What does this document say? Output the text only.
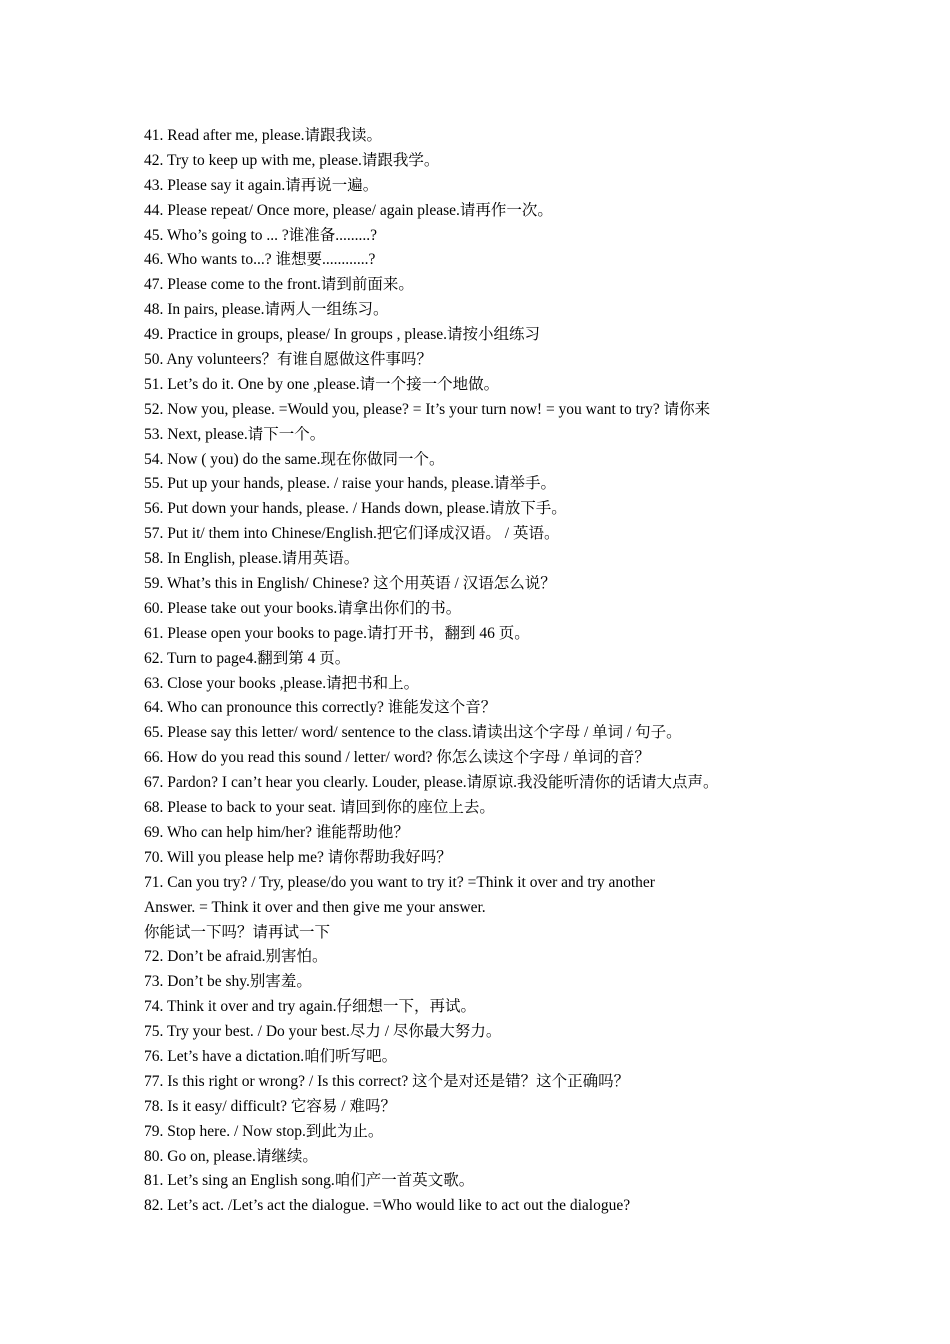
41. Read after me, please.请跟我读。
42. Try to keep up with me, please.请跟我学。
43. Please say it again.请再说一遍。
44. Please repeat/ Once more, please/ again please.请再作一次。
45. Who’s going to ... ?谁准备.........?
46. Who wants to...? 谁想要............?
47. Please come to the front.请到前面来。
48. In pairs, please.请两人一组练习。
49. Practice in groups, please/ In groups , please.请按小组练习
50. Any volunteers？有谁自愿做这件事吗？
51. Let’s do it. One by one ,please.请一个接一个地做。
52. Now you, please. =Would you, please? = It’s your turn now! = you want to try? 请你来
53. Next, please.请下一个。
54. Now ( you) do the same.现在你做同一个。
55. Put up your hands, please. / raise your hands, please.请举手。
56. Put down your hands, please. / Hands down, please.请放下手。
57. Put it/ them into Chinese/English.把它们译成汉语。 / 英语。
58. In English, please.请用英语。
59. What’s this in English/ Chinese? 这个用英语 / 汉语怎么说？
60. Please take out your books.请拿出你们的书。
61. Please open your books to page.请打开书，翻到 46 页。
62. Turn to page4.翻到第 4 页。
63. Close your books ,please.请把书和上。
64. Who can pronounce this correctly? 谁能发这个音？
65. Please say this letter/ word/ sentence to the class.请读出这个字母 / 单词 / 句子。
66. How do you read this sound / letter/ word? 你怎么读这个字母 / 单词的音？
67. Pardon? I can’t hear you clearly. Louder, please.请原谅.我没能听清你的话请大点声。
68. Please to back to your seat. 请回到你的座位上去。
69. Who can help him/her? 谁能帮助他？
70. Will you please help me? 请你帮助我好吗？
71. Can you try? / Try, please/do you want to try it? =Think it over and try another
Answer. = Think it over and then give me your answer.
你能试一下吗？请再试一下
72. Don’t be afraid.别害怕。
73. Don’t be shy.别害羞。
74. Think it over and try again.仔细想一下，再试。
75. Try your best. / Do your best.尽力 / 尽你最大努力。
76. Let’s have a dictation.咱们听写吧。
77. Is this right or wrong? / Is this correct? 这个是对还是错？这个正确吗？
78. Is it easy/ difficult? 它容易 / 难吗？
79. Stop here. / Now stop.到此为止。
80. Go on, please.请继续。
81. Let’s sing an English song.咱们产一首英文歌。
82. Let’s act. /Let’s act the dialogue. =Who would like to act out the dialogue?
